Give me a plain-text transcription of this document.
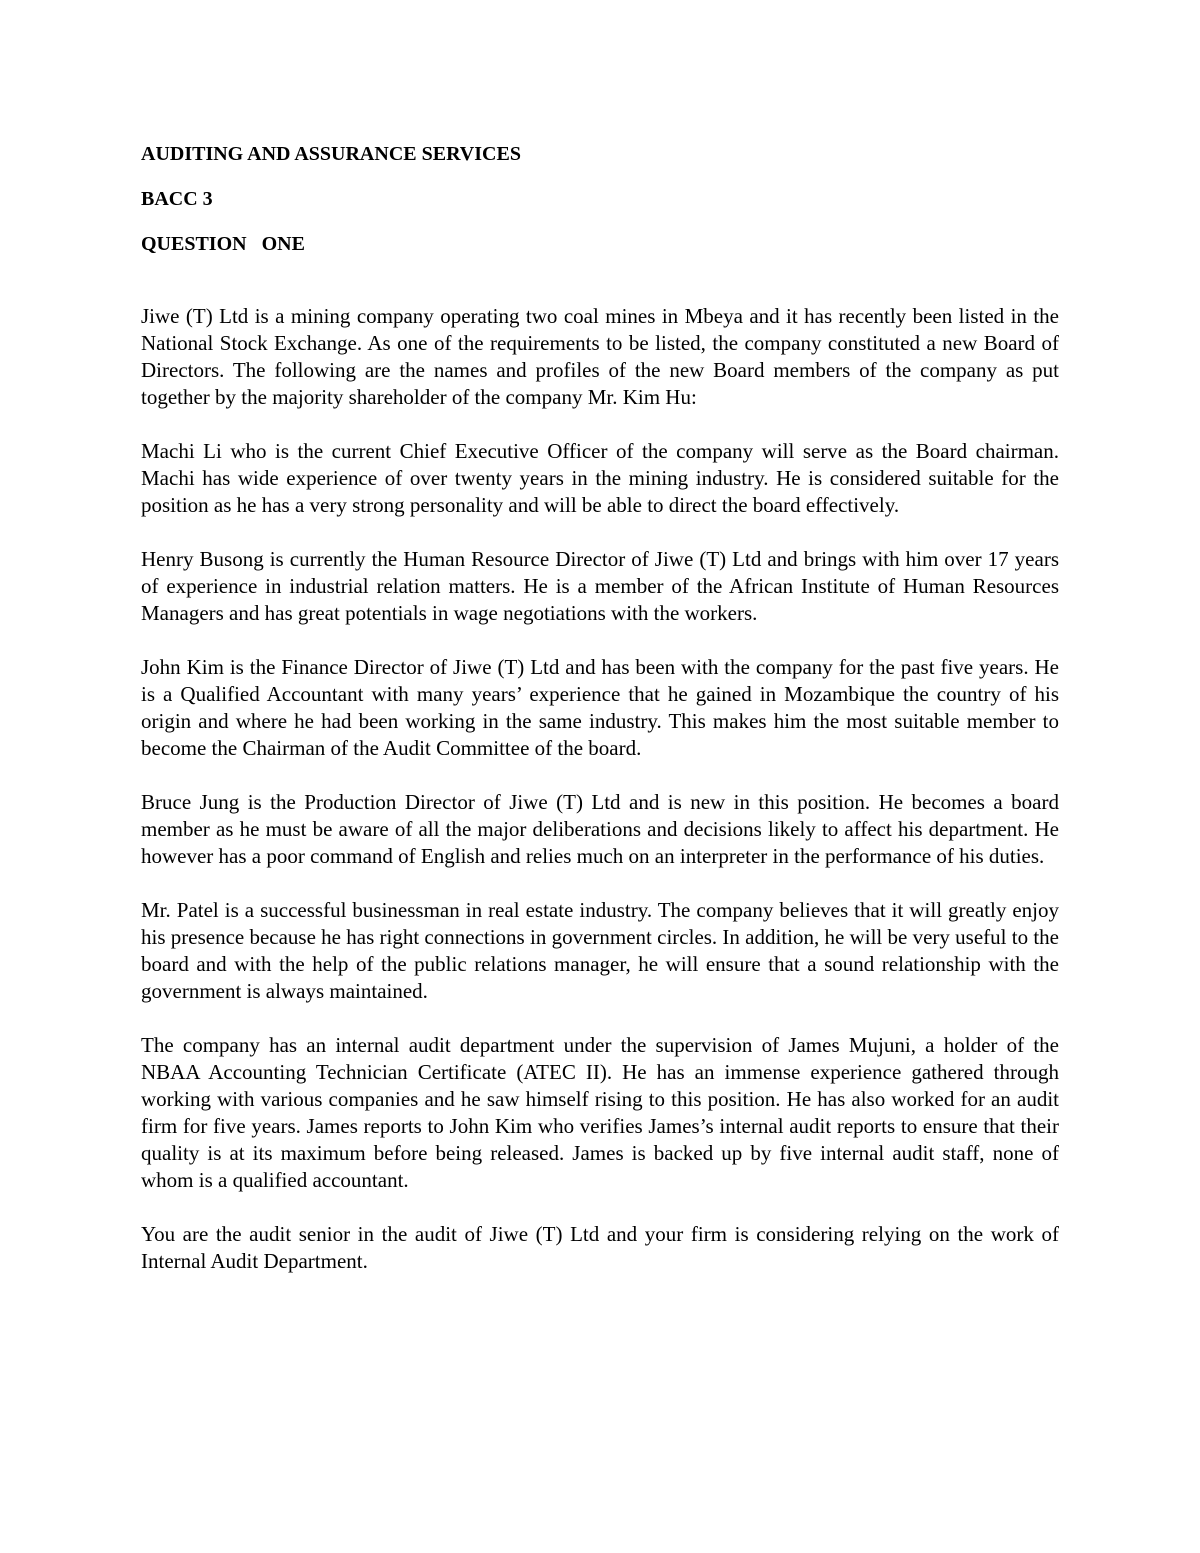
AUDITING AND ASSURANCE SERVICES
BACC 3
QUESTION   ONE

Jiwe (T) Ltd is a mining company operating two coal mines in Mbeya and it has recently been listed in the National Stock Exchange. As one of the requirements to be listed, the company constituted a new Board of Directors. The following are the names and profiles of the new Board members of the company as put together by the majority shareholder of the company Mr. Kim Hu:

Machi Li who is the current Chief Executive Officer of the company will serve as the Board chairman. Machi has wide experience of over twenty years in the mining industry. He is considered suitable for the position as he has a very strong personality and will be able to direct the board effectively.

Henry Busong is currently the Human Resource Director of Jiwe (T) Ltd and brings with him over 17 years of experience in industrial relation matters. He is a member of the African Institute of Human Resources Managers and has great potentials in wage negotiations with the workers.

John Kim is the Finance Director of Jiwe (T) Ltd and has been with the company for the past five years. He is a Qualified Accountant with many years’ experience that he gained in Mozambique the country of his origin and where he had been working in the same industry. This makes him the most suitable member to become the Chairman of the Audit Committee of the board.

Bruce Jung is the Production Director of Jiwe (T) Ltd and is new in this position. He becomes a board member as he must be aware of all the major deliberations and decisions likely to affect his department. He however has a poor command of English and relies much on an interpreter in the performance of his duties.

Mr. Patel is a successful businessman in real estate industry. The company believes that it will greatly enjoy his presence because he has right connections in government circles. In addition, he will be very useful to the board and with the help of the public relations manager, he will ensure that a sound relationship with the government is always maintained.

The company has an internal audit department under the supervision of James Mujuni, a holder of the NBAA Accounting Technician Certificate (ATEC II). He has an immense experience gathered through working with various companies and he saw himself rising to this position. He has also worked for an audit firm for five years. James reports to John Kim who verifies James’s internal audit reports to ensure that their quality is at its maximum before being released. James is backed up by five internal audit staff, none of whom is a qualified accountant.

You are the audit senior in the audit of Jiwe (T) Ltd and your firm is considering relying on the work of Internal Audit Department.
